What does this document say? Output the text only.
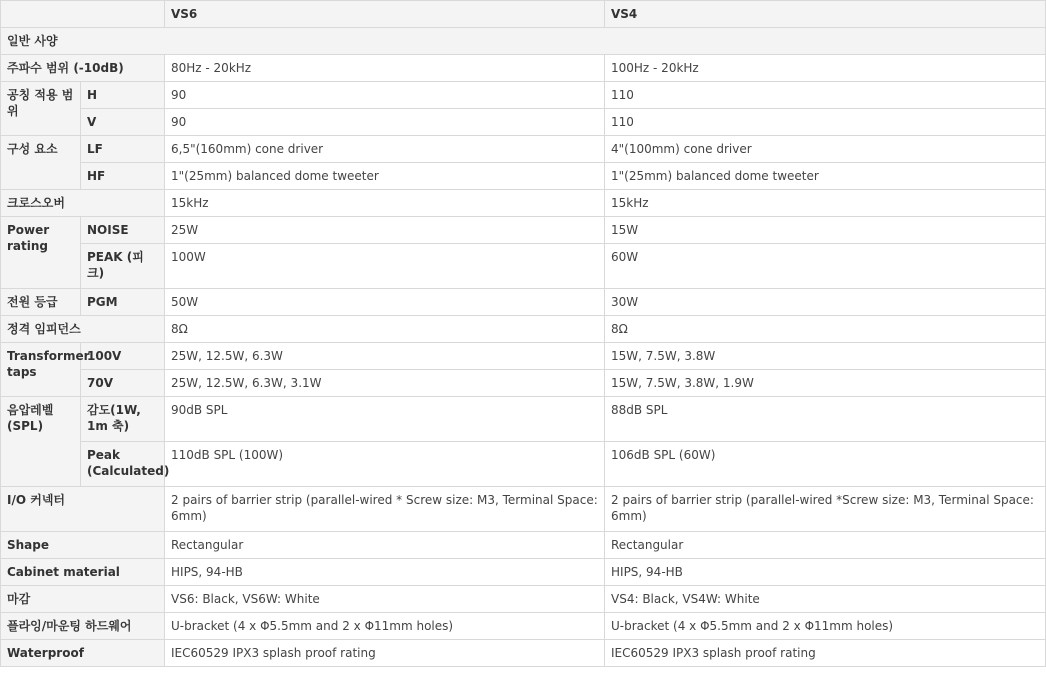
		VS6	VS4
일반 사양			
주파수 범위 (-10dB)		80Hz - 20kHz	100Hz - 20kHz
공칭 적용 범위	H	90	110
	V	90	110
구성 요소	LF	6,5"(160mm) cone driver	4"(100mm) cone driver
	HF	1"(25mm) balanced dome tweeter	1"(25mm) balanced dome tweeter
크로스오버		15kHz	15kHz
Power rating	NOISE	25W	15W
	PEAK (피크)	100W	60W
전원 등급	PGM	50W	30W
정격 임피던스		8Ω	8Ω
Transformer taps	100V	25W, 12.5W, 6.3W	15W, 7.5W, 3.8W
	70V	25W, 12.5W, 6.3W, 3.1W	15W, 7.5W, 3.8W, 1.9W
음압레벨 (SPL)	감도(1W, 1m 축)	90dB SPL	88dB SPL
	Peak (Calculated)	110dB SPL (100W)	106dB SPL (60W)
I/O 커넥터		2 pairs of barrier strip (parallel-wired * Screw size: M3, Terminal Space: 6mm)	2 pairs of barrier strip (parallel-wired *Screw size: M3, Terminal Space: 6mm)
Shape		Rectangular	Rectangular
Cabinet material		HIPS, 94-HB	HIPS, 94-HB
마감		VS6: Black, VS6W: White	VS4: Black, VS4W: White
플라잉/마운팅 하드웨어		U-bracket (4 x Φ5.5mm and 2 x Φ11mm holes)	U-bracket (4 x Φ5.5mm and 2 x Φ11mm holes)
Waterproof		IEC60529 IPX3 splash proof rating	IEC60529 IPX3 splash proof rating
